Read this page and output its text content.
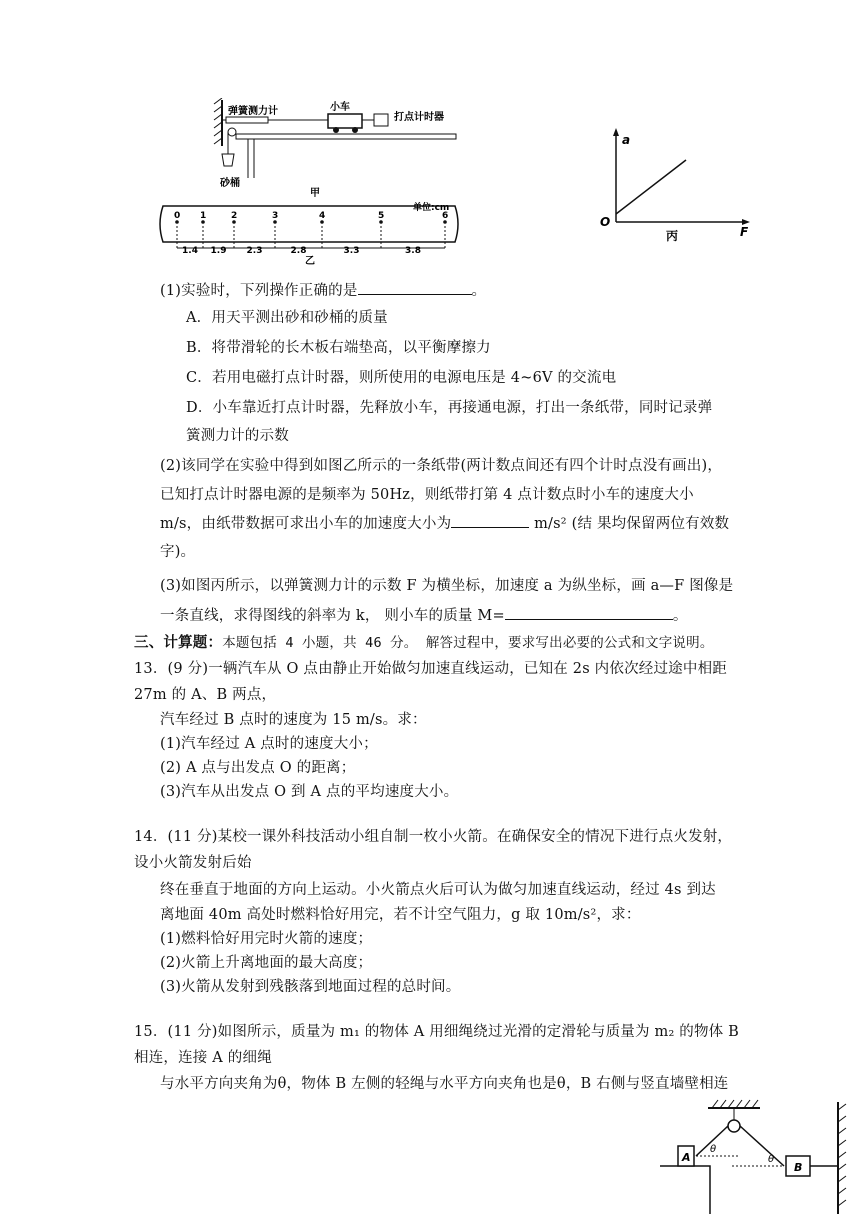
弹簧测力计	小车
打点计时器
砂桶
甲
0 1	2	3	4	5	6
1.4 1.9 2.3	2.8	3.3	3.8
单位:cm
乙
a
F
O
丙
(1)实验时，下列操作正确的是	。
A．用天平测出砂和砂桶的质量
B．将带滑轮的长木板右端垫高，以平衡摩擦力
C．若用电磁打点计时器，则所使用的电源电压是 4~6V 的交流电
D．小车靠近打点计时器，先释放小车，再接通电源，打出一条纸带，同时记录弹
簧测力计的示数
(2)该同学在实验中得到如图乙所示的一条纸带(两计数点间还有四个计时点没有画出)，
已知打点计时器电源的是频率为 50Hz，则纸带打第 4 点计数点时小车的速度大小
m/s，由纸带数据可求出小车的加速度大小为	m/s² (结 果均保留两位有效数
字)。
(3)如图丙所示，以弹簧测力计的示数 F 为横坐标，加速度 a 为纵坐标，画 a—F 图像是
一条直线，求得图线的斜率为 k， 则小车的质量 M=	。
三、计算题：本题包括 4 小题，共 46 分。 解答过程中，要求写出必要的公式和文字说明。
13．(9 分)一辆汽车从 O 点由静止开始做匀加速直线运动，已知在 2s 内依次经过途中相距
27m 的 A、B 两点，
汽车经过 B 点时的速度为 15 m/s。求：
(1)汽车经过 A 点时的速度大小；
(2) A 点与出发点 O 的距离；
(3)汽车从出发点 O 到 A 点的平均速度大小。
14．(11 分)某校一课外科技活动小组自制一枚小火箭。在确保安全的情况下进行点火发射，
设小火箭发射后始
终在垂直于地面的方向上运动。小火箭点火后可认为做匀加速直线运动，经过 4s 到达
离地面 40m 高处时燃料恰好用完，若不计空气阻力，g 取 10m/s²，求：
(1)燃料恰好用完时火箭的速度；
(2)火箭上升离地面的最大高度；
(3)火箭从发射到残骸落到地面过程的总时间。
15．(11 分)如图所示，质量为 m₁ 的物体 A 用细绳绕过光滑的定滑轮与质量为 m₂ 的物体 B
相连，连接 A 的细绳
与水平方向夹角为θ，物体 B 左侧的轻绳与水平方向夹角也是θ，B 右侧与竖直墙壁相连
A
B
θ
θ
